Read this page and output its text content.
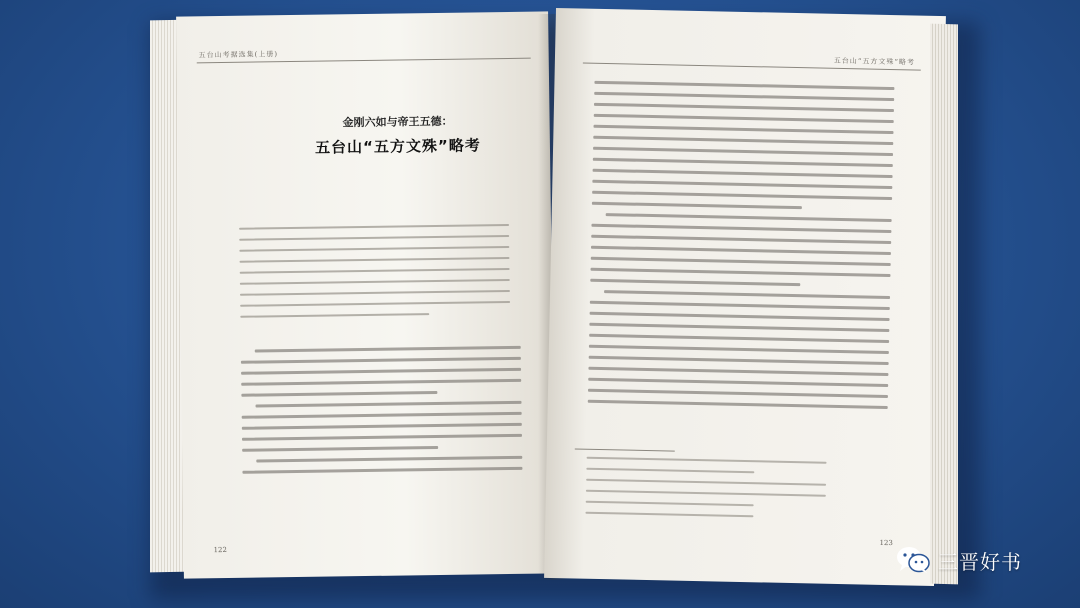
五台山考据选集(上册)
金刚六如与帝王五德：
五台山“五方文殊”略考
122
五台山“五方文殊”略考
123
三晋好书
